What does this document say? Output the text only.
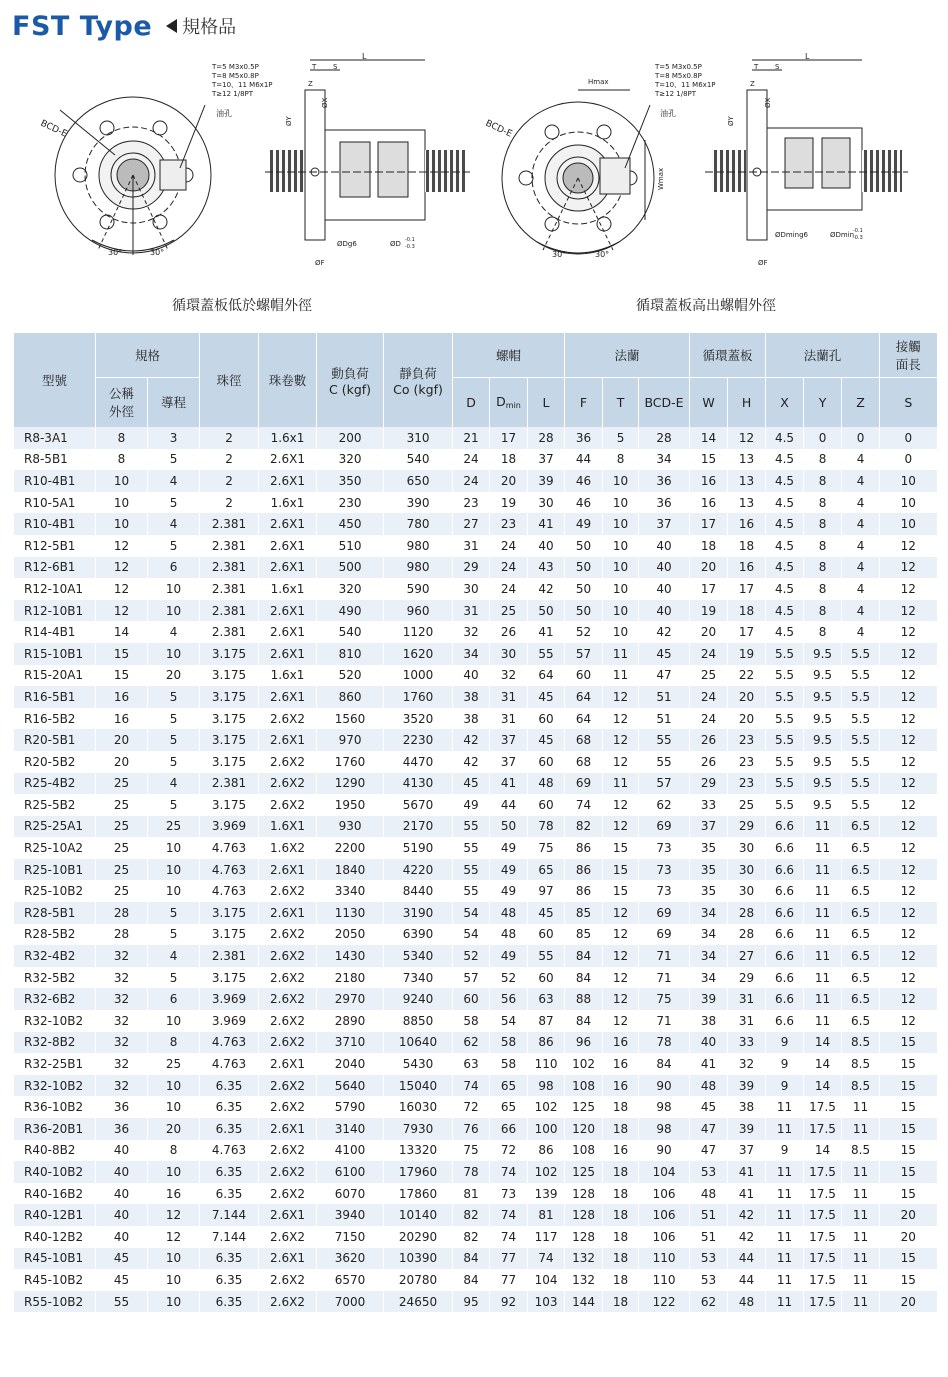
FST Type 規格品
BCD-E
30°	30°
T=5 M3x0.5P
T=8 M5x0.8P
T=10、11 M6x1P
T≥12 1/8PT
油孔
L
T S
Z
ØX
ØY
ØDg6	ØD -0.1
-0.3
ØF
BCD-E
30°	30°
Hmax
Wmax
T=5 M3x0.5P
T=8 M5x0.8P
T=10、11 M6x1P
T≥12 1/8PT
油孔
L
T S
Z
ØX
ØY
ØDming6	ØDmin
-0.1
-0.3
ØF
循環蓋板低於螺帽外徑	循環蓋板高出螺帽外徑
型號	規格		珠徑	珠卷數	動負荷
C (kgf)	靜負荷
Co (kgf)	螺帽			法蘭			循環蓋板		法蘭孔			接觸
面長
	公稱
外徑	導程					D	$D_{min}$	L	F	T	BCD-E	W	H	X	Y	Z	S
R8-3A1	8	3	2	1.6x1	200	310	21	17	28	36	5	28	14	12	4.5	0	0	0
R8-5B1	8	5	2	2.6X1	320	540	24	18	37	44	8	34	15	13	4.5	8	4	0
R10-4B1	10	4	2	2.6X1	350	650	24	20	39	46	10	36	16	13	4.5	8	4	10
R10-5A1	10	5	2	1.6x1	230	390	23	19	30	46	10	36	16	13	4.5	8	4	10
R10-4B1	10	4	2.381	2.6X1	450	780	27	23	41	49	10	37	17	16	4.5	8	4	10
R12-5B1	12	5	2.381	2.6X1	510	980	31	24	40	50	10	40	18	18	4.5	8	4	12
R12-6B1	12	6	2.381	2.6X1	500	980	29	24	43	50	10	40	20	16	4.5	8	4	12
R12-10A1	12	10	2.381	1.6x1	320	590	30	24	42	50	10	40	17	17	4.5	8	4	12
R12-10B1	12	10	2.381	2.6X1	490	960	31	25	50	50	10	40	19	18	4.5	8	4	12
R14-4B1	14	4	2.381	2.6X1	540	1120	32	26	41	52	10	42	20	17	4.5	8	4	12
R15-10B1	15	10	3.175	2.6X1	810	1620	34	30	55	57	11	45	24	19	5.5	9.5	5.5	12
R15-20A1	15	20	3.175	1.6x1	520	1000	40	32	64	60	11	47	25	22	5.5	9.5	5.5	12
R16-5B1	16	5	3.175	2.6X1	860	1760	38	31	45	64	12	51	24	20	5.5	9.5	5.5	12
R16-5B2	16	5	3.175	2.6X2	1560	3520	38	31	60	64	12	51	24	20	5.5	9.5	5.5	12
R20-5B1	20	5	3.175	2.6X1	970	2230	42	37	45	68	12	55	26	23	5.5	9.5	5.5	12
R20-5B2	20	5	3.175	2.6X2	1760	4470	42	37	60	68	12	55	26	23	5.5	9.5	5.5	12
R25-4B2	25	4	2.381	2.6X2	1290	4130	45	41	48	69	11	57	29	23	5.5	9.5	5.5	12
R25-5B2	25	5	3.175	2.6X2	1950	5670	49	44	60	74	12	62	33	25	5.5	9.5	5.5	12
R25-25A1	25	25	3.969	1.6X1	930	2170	55	50	78	82	12	69	37	29	6.6	11	6.5	12
R25-10A2	25	10	4.763	1.6X2	2200	5190	55	49	75	86	15	73	35	30	6.6	11	6.5	12
R25-10B1	25	10	4.763	2.6X1	1840	4220	55	49	65	86	15	73	35	30	6.6	11	6.5	12
R25-10B2	25	10	4.763	2.6X2	3340	8440	55	49	97	86	15	73	35	30	6.6	11	6.5	12
R28-5B1	28	5	3.175	2.6X1	1130	3190	54	48	45	85	12	69	34	28	6.6	11	6.5	12
R28-5B2	28	5	3.175	2.6X2	2050	6390	54	48	60	85	12	69	34	28	6.6	11	6.5	12
R32-4B2	32	4	2.381	2.6X2	1430	5340	52	49	55	84	12	71	34	27	6.6	11	6.5	12
R32-5B2	32	5	3.175	2.6X2	2180	7340	57	52	60	84	12	71	34	29	6.6	11	6.5	12
R32-6B2	32	6	3.969	2.6X2	2970	9240	60	56	63	88	12	75	39	31	6.6	11	6.5	12
R32-10B2	32	10	3.969	2.6X2	2890	8850	58	54	87	84	12	71	38	31	6.6	11	6.5	12
R32-8B2	32	8	4.763	2.6X2	3710	10640	62	58	86	96	16	78	40	33	9	14	8.5	15
R32-25B1	32	25	4.763	2.6X1	2040	5430	63	58	110	102	16	84	41	32	9	14	8.5	15
R32-10B2	32	10	6.35	2.6X2	5640	15040	74	65	98	108	16	90	48	39	9	14	8.5	15
R36-10B2	36	10	6.35	2.6X2	5790	16030	72	65	102	125	18	98	45	38	11	17.5	11	15
R36-20B1	36	20	6.35	2.6X1	3140	7930	76	66	100	120	18	98	47	39	11	17.5	11	15
R40-8B2	40	8	4.763	2.6X2	4100	13320	75	72	86	108	16	90	47	37	9	14	8.5	15
R40-10B2	40	10	6.35	2.6X2	6100	17960	78	74	102	125	18	104	53	41	11	17.5	11	15
R40-16B2	40	16	6.35	2.6X2	6070	17860	81	73	139	128	18	106	48	41	11	17.5	11	15
R40-12B1	40	12	7.144	2.6X1	3940	10140	82	74	81	128	18	106	51	42	11	17.5	11	20
R40-12B2	40	12	7.144	2.6X2	7150	20290	82	74	117	128	18	106	51	42	11	17.5	11	20
R45-10B1	45	10	6.35	2.6X1	3620	10390	84	77	74	132	18	110	53	44	11	17.5	11	15
R45-10B2	45	10	6.35	2.6X2	6570	20780	84	77	104	132	18	110	53	44	11	17.5	11	15
R55-10B2	55	10	6.35	2.6X2	7000	24650	95	92	103	144	18	122	62	48	11	17.5	11	20
